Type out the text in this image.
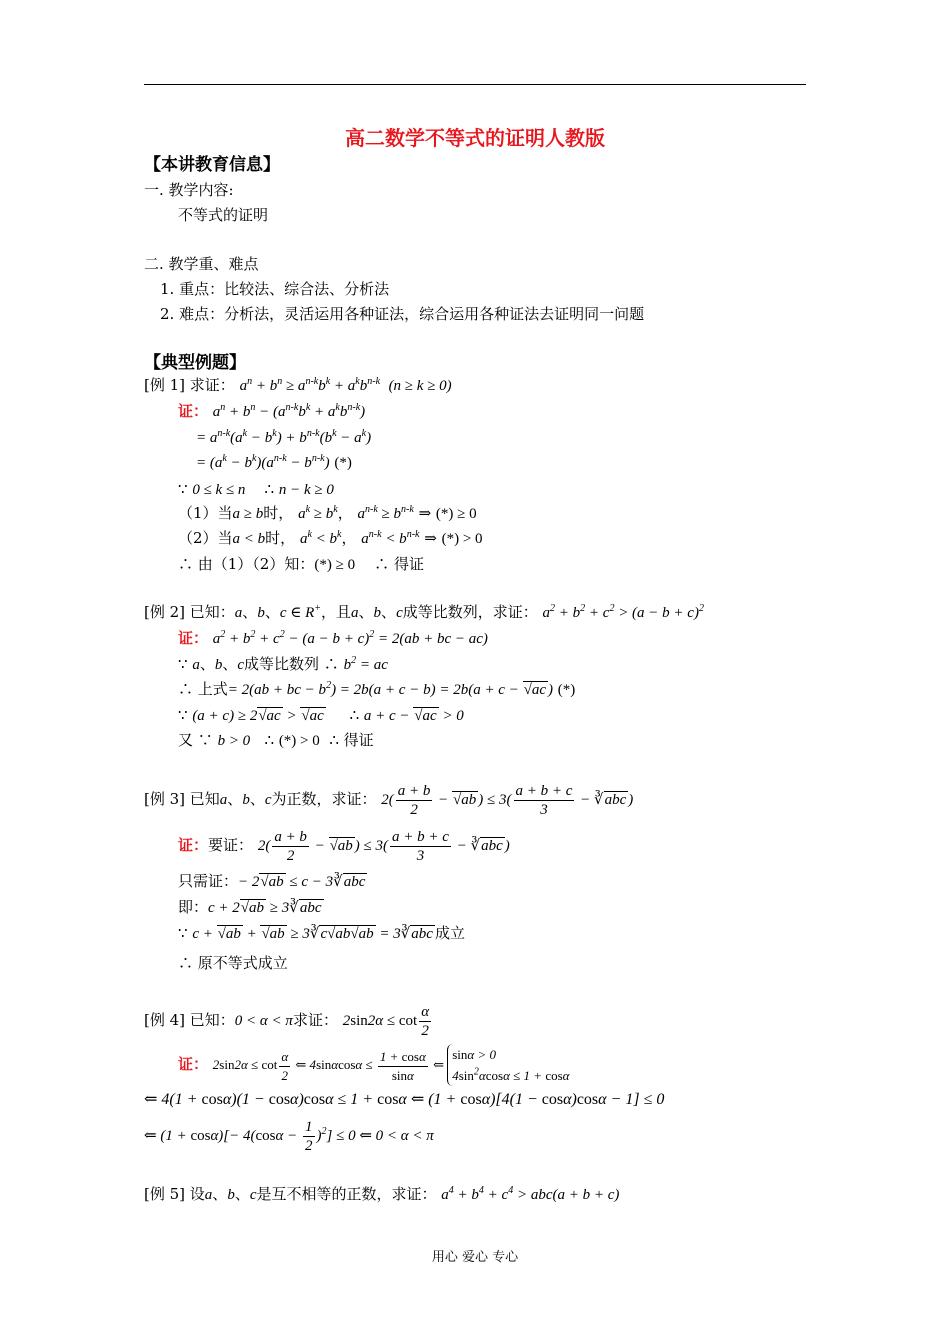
高二数学不等式的证明人教版
【本讲教育信息】
一. 教学内容:
不等式的证明
二. 教学重、难点
1. 重点：比较法、综合法、分析法
2. 难点：分析法，灵活运用各种证法，综合运用各种证法去证明同一问题
【典型例题】
[例 1] 求证： $a^n + b^n \ge a^{n-k}b^k + a^kb^{n-k}$  (n ≥ k ≥ 0)
证： $a^n + b^n - (a^{n-k}b^k + a^kb^{n-k})$
= $a^{n-k}(a^k - b^k) + b^{n-k}(b^k - a^k)$
= $(a^k - b^k)(a^{n-k} - b^{n-k})$ (*)
∵ 0 ≤ k ≤ n    ∴ n − k ≥ 0
（1）当a ≥ b时， $a^k \ge b^k$， $a^{n-k} \ge b^{n-k}$ ⇒ (*) ≥ 0
（2）当a < b时， $a^k < b^k$， $a^{n-k} < b^{n-k}$ ⇒ (*) > 0
∴ 由（1）（2）知：(*) ≥ 0 ∴ 得证
[例 2] 已知：a、b、c ∈ R+，且a、b、c成等比数列，求证： $a^2 + b^2 + c^2 > (a - b + c)^2$
证： $a^2 + b^2 + c^2 - (a - b + c)^2 = 2(ab$ + bc − ac)
∵ a、b、c成等比数列 ∴ $b^2$ = ac
∴ 上式= 2(ab + bc − $b^2) = 2b(a + c - b) = 2b(a + c - √ac$ ) (*)
∵ (a + c) ≥ 2√ac > √ac     ∴ a + c − √ac > 0
又 ∵ b > 0   ∴ (*) > 0 ∴ 得证
[例 3] 已知a、b、c为正数，求证： $2( \frac{a + b}{2} - √ab$ ) ≤ $3( \frac{a + b + c}{3}$ − ∛abc )
证：要证： $2( \frac{a + b}{2} - √ab$ ) ≤ $3( \frac{a + b + c}{3}$ − ∛abc )
只需证：− 2√ab ≤ c − 3∛abc
即：c + 2√ab ≥ 3∛abc
∵ c + √ab + √ab ≥ 3∛c√ab√ab = 3∛abc 成立
∴ 原不等式成立
[例 4] 已知：0 < α < π求证： $2\sin 2\alpha \le \cot \frac{\alpha}{2}$
证： $2\sin 2\alpha \le \cot \frac{\alpha}{2}$ ⇐ $4\sin\alpha\cos\alpha \le \frac{1 + \cos\alpha}{\sin\alpha}$ ⇐
sinα > 0
$4\sin^2\alpha\cos\alpha \le 1 + \cos\alpha$
⇐ 4(1 + cosα)(1 − cosα)cosα ≤ 1 + cosα ⇐ (1 + cosα)[4(1 − cosα)cosα − 1] ≤ 0
⇐ $(1 + \cos\alpha)[- 4(\cos\alpha - \frac{1}{2} )^2] \le 0$ ⇐ 0 < α < π
[例 5] 设a、b、c是互不相等的正数，求证： $a^4 + b^4 + c^4 > abc(a + b + c)$
用心 爱心 专心
